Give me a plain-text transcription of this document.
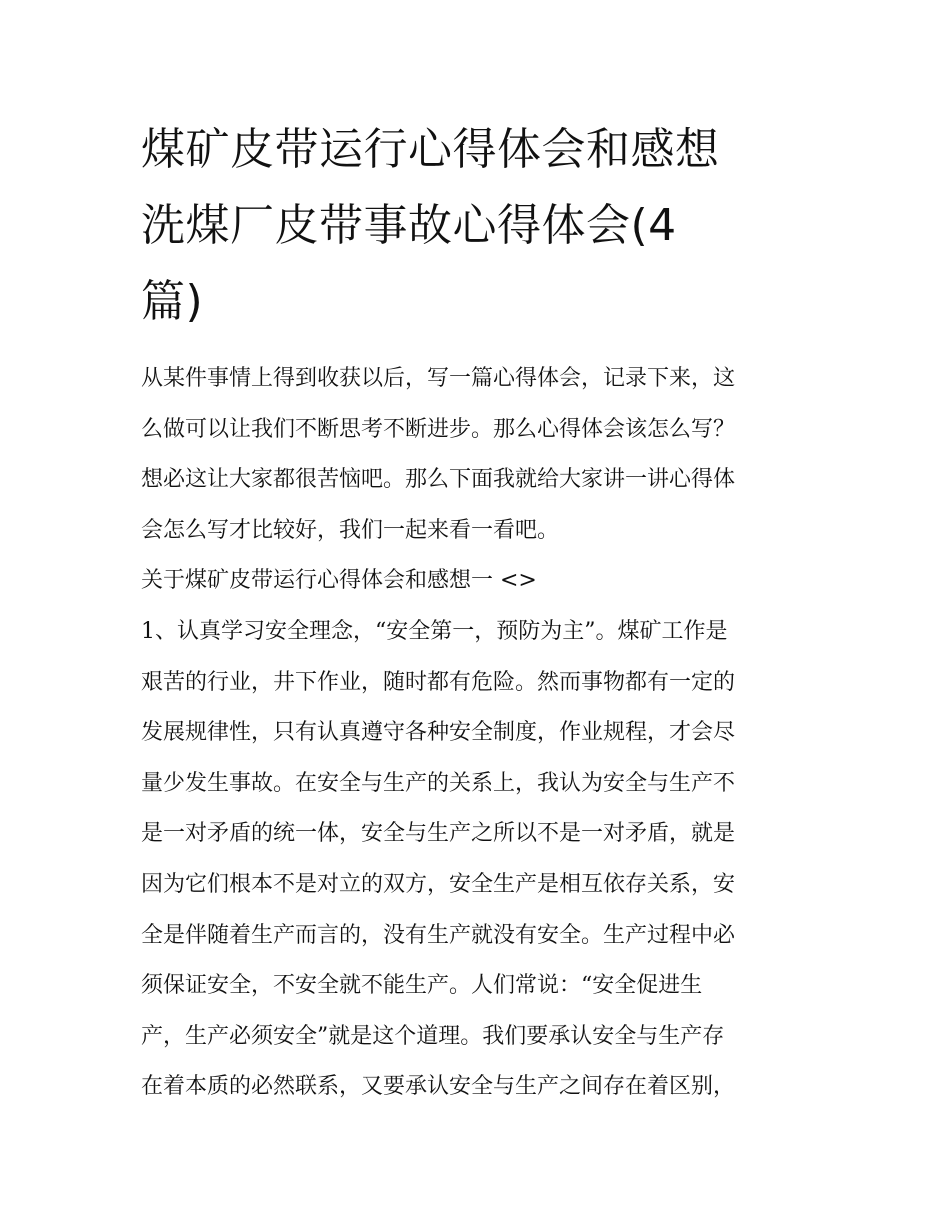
煤矿皮带运行心得体会和感想
洗煤厂皮带事故心得体会(4
篇)

从某件事情上得到收获以后，写一篇心得体会，记录下来，这
么做可以让我们不断思考不断进步。那么心得体会该怎么写？
想必这让大家都很苦恼吧。那么下面我就给大家讲一讲心得体
会怎么写才比较好，我们一起来看一看吧。

关于煤矿皮带运行心得体会和感想一 <>

1、认真学习安全理念，“安全第一，预防为主”。煤矿工作是
艰苦的行业，井下作业，随时都有危险。然而事物都有一定的
发展规律性，只有认真遵守各种安全制度，作业规程，才会尽
量少发生事故。在安全与生产的关系上，我认为安全与生产不
是一对矛盾的统一体，安全与生产之所以不是一对矛盾，就是
因为它们根本不是对立的双方，安全生产是相互依存关系，安
全是伴随着生产而言的，没有生产就没有安全。生产过程中必
须保证安全，不安全就不能生产。人们常说：“安全促进生
产，生产必须安全”就是这个道理。我们要承认安全与生产存
在着本质的必然联系，又要承认安全与生产之间存在着区别，
